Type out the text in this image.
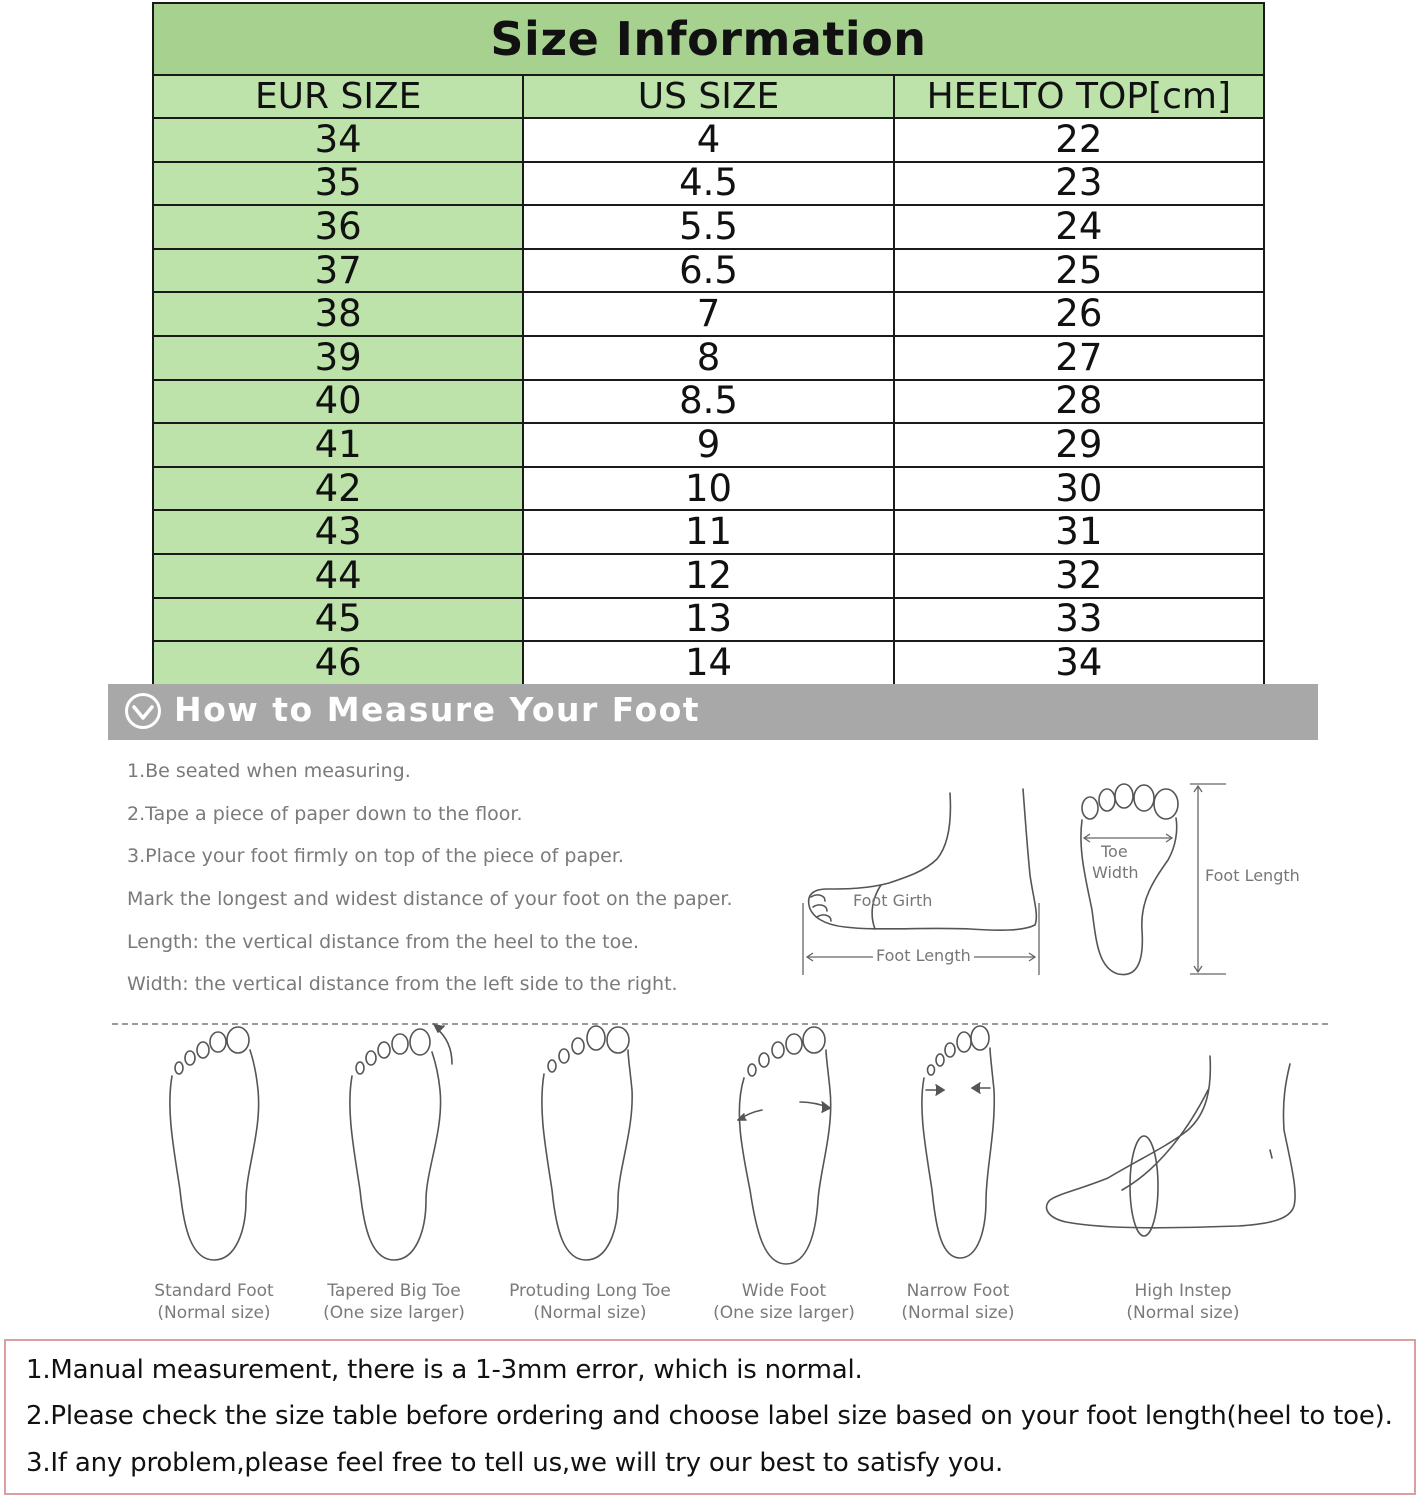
Size Information		
EUR SIZE	US SIZE	HEELTO TOP[cm]
34	4	22
35	4.5	23
36	5.5	24
37	6.5	25
38	7	26
39	8	27
40	8.5	28
41	9	29
42	10	30
43	11	31
44	12	32
45	13	33
46	14	34
How to Measure Your Foot
1.Be seated when measuring.
2.Tape a piece of paper down to the floor.
3.Place your foot firmly on top of the piece of paper.
Mark the longest and widest distance of your foot on the paper.
Length: the vertical distance from the heel to the toe.
Width: the vertical distance from the left side to the right.
Foot Girth
Foot Length
Toe
Width	Foot Length
Standard Foot
(Normal size)
Tapered Big Toe
(One size larger)
Protuding Long Toe
(Normal size)
Wide Foot
(One size larger)
Narrow Foot
(Normal size)
High Instep
(Normal size)
1.Manual measurement, there is a 1-3mm error, which is normal.
2.Please check the size table before ordering and choose label size based on your foot length(heel to toe).
3.If any problem,please feel free to tell us,we will try our best to satisfy you.
